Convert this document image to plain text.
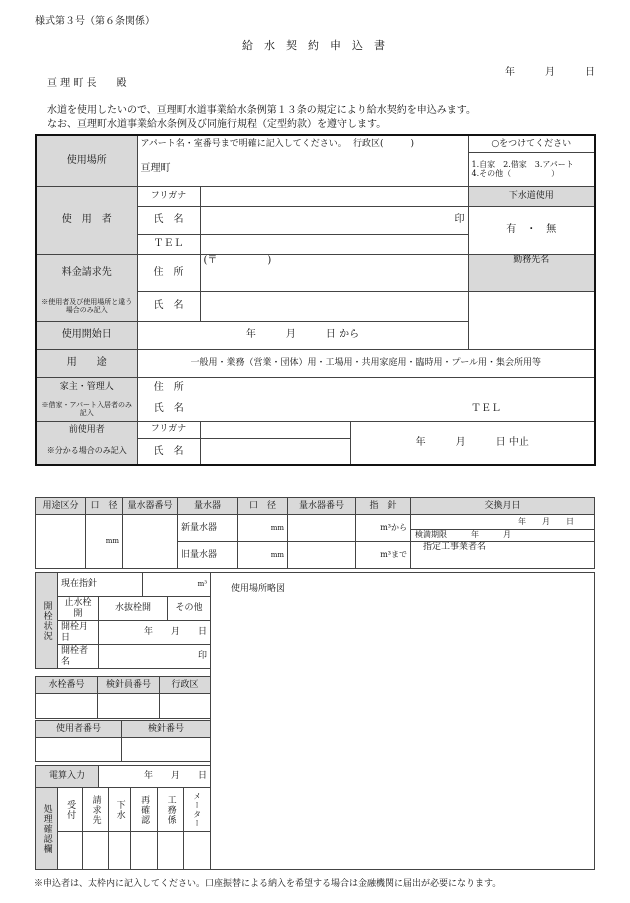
様式第３号（第６条関係）
給　水　契　約　申　込　書
年　　　月　　　日
亘 理 町 長　　殿
水道を使用したいので、亘理町水道事業給水条例第１３条の規定により給水契約を申込みます。
なお、亘理町水道事業給水条例及び同施行規程（定型約款）を遵守します。
使用場所	アパート名・室番号まで明確に記入してください。		行政区(　　　)	○をつけてください
	亘理町			1.自家　2.借家　3.アパート
4.その他（　　　　　）
使　用　者	フリガナ			下水道使用
	氏　名	印		有　・　無
	ＴＥＬ			
料金請求先	住　所	(〒　　　　　)		勤務先名
※使用者及び使用場所と違う場合のみ記入	氏　名			
使用開始日	年　　　月　　　日 から			
用　　途	一般用・業務（営業・団体）用・工場用・共用家庭用・臨時用・プール用・集会所用等			
家主・管理人	住　所			
※借家・アパート入居者のみ記入	氏　名			ＴＥＬ
前使用者	フリガナ		年　　　月　　　日 中止	
※分かる場合のみ記入	氏　名			
用途区分	口　径	量水器番号	量水器	口　径	量水器番号	指　針	交換月日
	mm		新量水器	mm		m³から	年　　月　　日
検満期限　　　年　　　月

			旧量水器	mm		m³まで	指定工事業者名
開栓状況	現在指針		m³	
	止水栓開	水抜栓開		その他
	開栓月日	年　　月　　日		
	開栓者名	印		
水栓番号	検針員番号	行政区

使用者番号	検針番号

電算入力	年　　月　　日
処理確認欄	受付	請求先	下水	再確認	工務係	メーター

使用場所略図
※申込者は、太枠内に記入してください。口座振替による納入を希望する場合は金融機関に届出が必要になります。
